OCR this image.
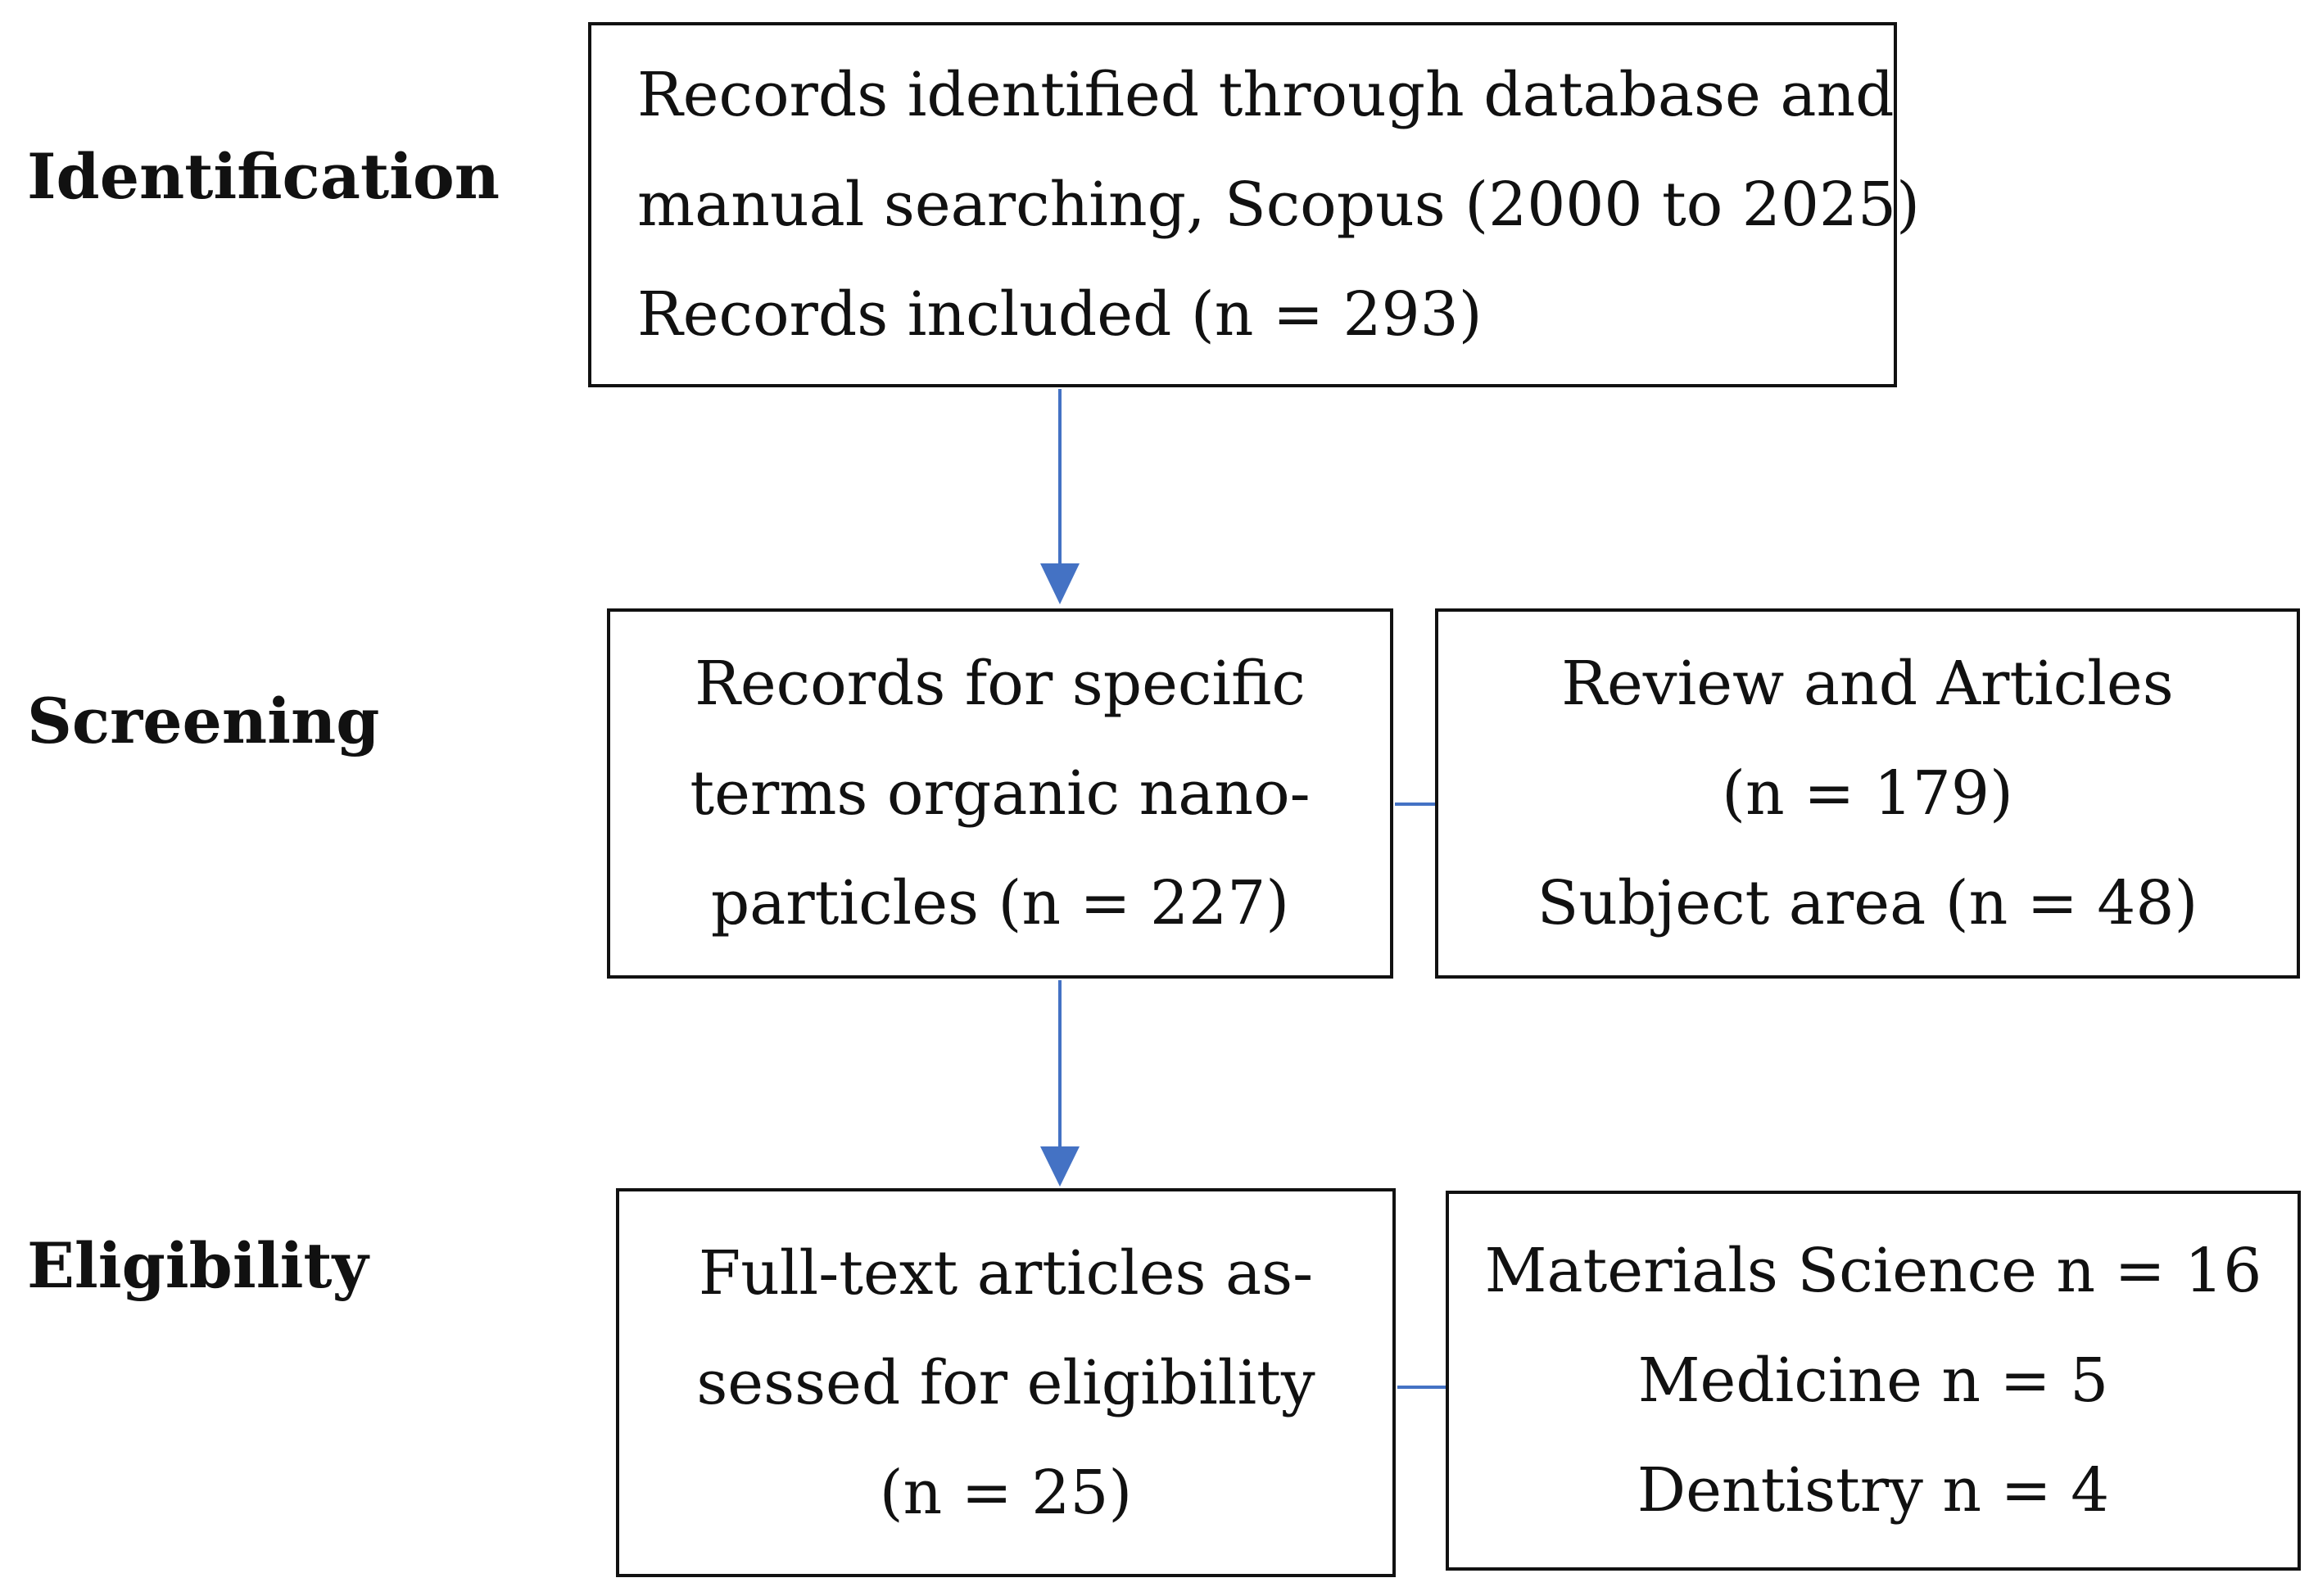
Identification
Screening
Eligibility
Records identified through database and
manual searching, Scopus (2000 to 2025)
Records included (n = 293)
Records for specific
terms organic nano-
particles (n = 227)
Review and Articles
(n = 179)
Subject area (n = 48)
Full-text articles as-
sessed for eligibility
(n = 25)
Materials Science n = 16
Medicine n = 5
Dentistry n = 4
